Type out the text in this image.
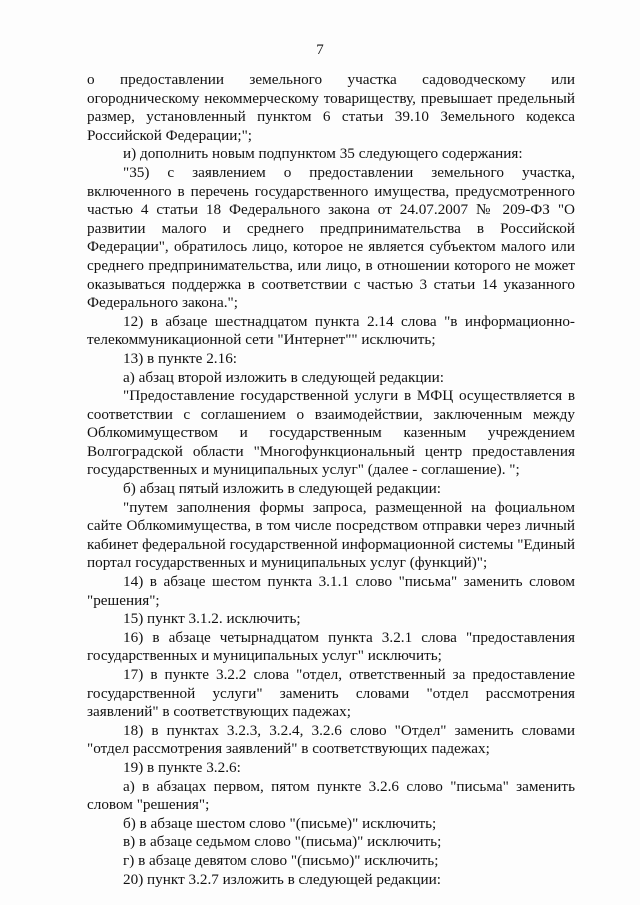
7

о предоставлении земельного участка садоводческому или огородническому некоммерческому товариществу, превышает предельный размер, установленный пунктом 6 статьи 39.10 Земельного кодекса Российской Федерации;";

и) дополнить новым подпунктом 35 следующего содержания:

"35) с заявлением о предоставлении земельного участка, включенного в перечень государственного имущества, предусмотренного частью 4 статьи 18 Федерального закона от 24.07.2007 № 209-ФЗ "О развитии малого и среднего предпринимательства в Российской Федерации", обратилось лицо, которое не является субъектом малого или среднего предпринимательства, или лицо, в отношении которого не может оказываться поддержка в соответствии с частью 3 статьи 14 указанного Федерального закона.";

12) в абзаце шестнадцатом пункта 2.14 слова "в информационно-телекоммуникационной сети "Интернет"" исключить;

13) в пункте 2.16:

а) абзац второй изложить в следующей редакции:

"Предоставление государственной услуги в МФЦ осуществляется в соответствии с соглашением о взаимодействии, заключенным между Облкомимуществом и государственным казенным учреждением Волгоградской области "Многофункциональный центр предоставления государственных и муниципальных услуг" (далее - соглашение). ";

б) абзац пятый изложить в следующей редакции:

"путем заполнения формы запроса, размещенной на фоциальном сайте Облкомимущества, в том числе посредством отправки через личный кабинет федеральной государственной информационной системы "Единый портал государственных и муниципальных услуг (функций)";

14) в абзаце шестом пункта 3.1.1 слово "письма" заменить словом "решения";

15) пункт 3.1.2. исключить;

16) в абзаце четырнадцатом пункта 3.2.1 слова "предоставления государственных и муниципальных услуг" исключить;

17) в пункте 3.2.2 слова "отдел, ответственный за предоставление государственной услуги" заменить словами "отдел рассмотрения заявлений" в соответствующих падежах;

18) в пунктах 3.2.3, 3.2.4, 3.2.6 слово "Отдел" заменить словами "отдел рассмотрения заявлений" в соответствующих падежах;

19) в пункте 3.2.6:

а) в абзацах первом, пятом пункте 3.2.6 слово "письма" заменить словом "решения";

б) в абзаце шестом слово "(письме)" исключить;

в) в абзаце седьмом слово "(письма)" исключить;

г) в абзаце девятом слово "(письмо)" исключить;

20) пункт 3.2.7 изложить в следующей редакции:
